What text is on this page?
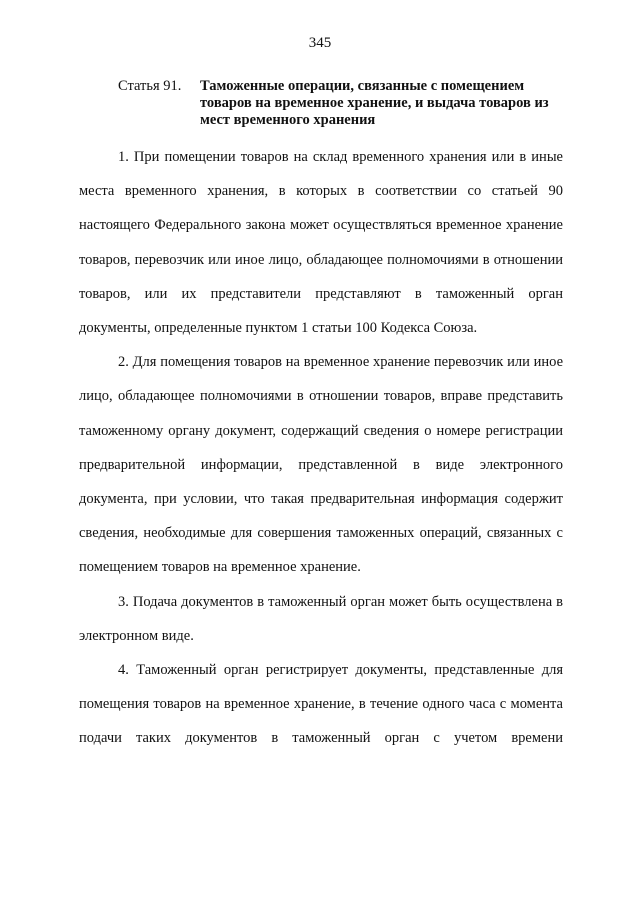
345
Статья 91.	Таможенные операции, связанные с помещением товаров на временное хранение, и выдача товаров из мест временного хранения

1. При помещении товаров на склад временного хранения или в иные места временного хранения, в которых в соответствии со статьей 90 настоящего Федерального закона может осуществляться временное хранение товаров, перевозчик или иное лицо, обладающее полномочиями в отношении товаров, или их представители представляют в таможенный орган документы, определенные пунктом 1 статьи 100 Кодекса Союза.

2. Для помещения товаров на временное хранение перевозчик или иное лицо, обладающее полномочиями в отношении товаров, вправе представить таможенному органу документ, содержащий сведения о номере регистрации предварительной информации, представленной в виде электронного документа, при условии, что такая предварительная информация содержит сведения, необходимые для совершения таможенных операций, связанных с помещением товаров на временное хранение.

3. Подача документов в таможенный орган может быть осуществлена в электронном виде.

4. Таможенный орган регистрирует документы, представленные для помещения товаров на временное хранение, в течение одного часа с момента подачи таких документов в таможенный орган с учетом времени
